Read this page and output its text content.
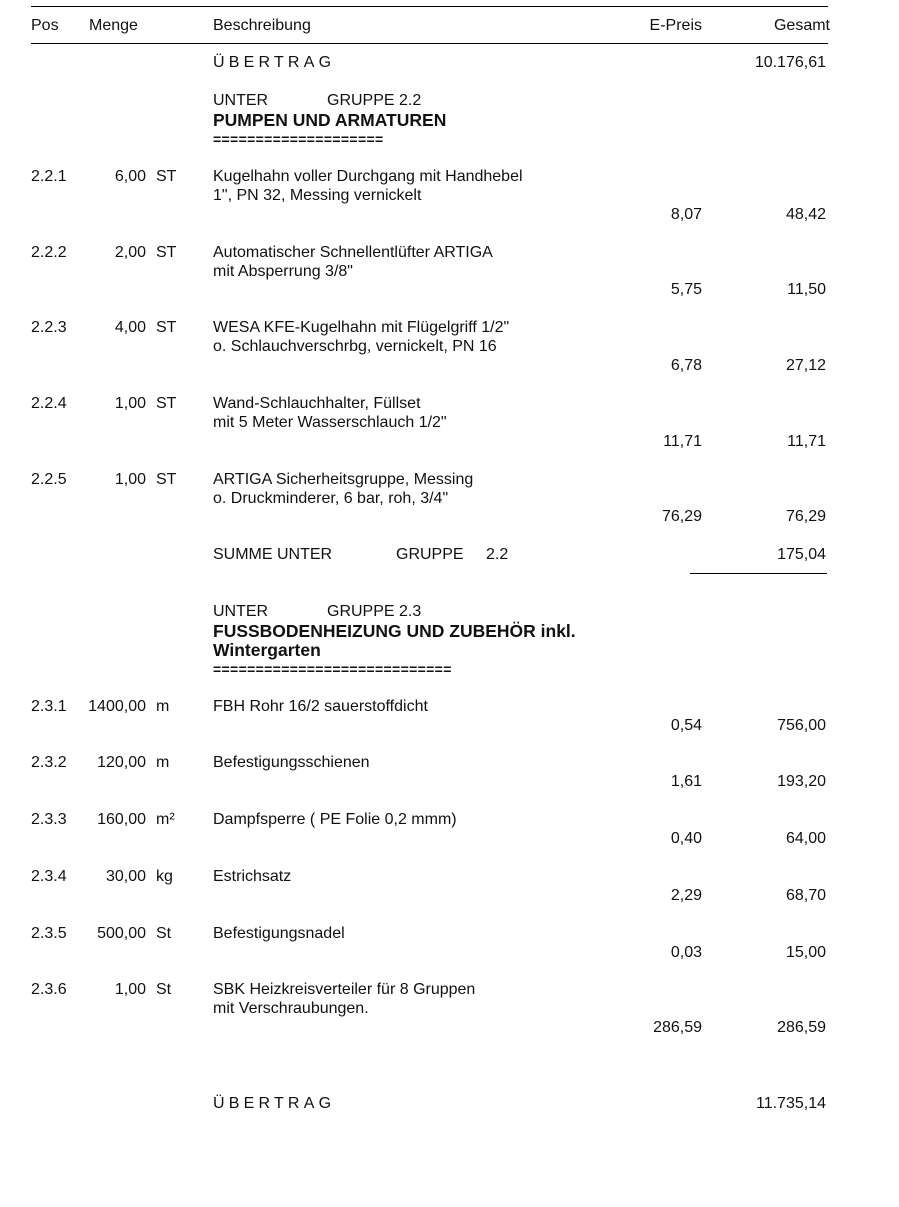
Pos Menge	Beschreibung	E-Preis	Gesamt
ÜBERTRAG	10.176,61
UNTER	GRUPPE 2.2
PUMPEN UND ARMATUREN
====================
2.2.1	6,00 ST Kugelhahn voller Durchgang mit Handhebel
1", PN 32, Messing vernickelt
8,07	48,42
2.2.2	2,00 ST Automatischer Schnellentlüfter ARTIGA
mit Absperrung 3/8"
5,75	11,50
2.2.3	4,00 ST WESA KFE-Kugelhahn mit Flügelgriff 1/2"
o. Schlauchverschrbg, vernickelt, PN 16
6,78	27,12
2.2.4	1,00 ST Wand-Schlauchhalter, Füllset
mit 5 Meter Wasserschlauch 1/2"
11,71	11,71
2.2.5	1,00 ST ARTIGA Sicherheitsgruppe, Messing
o. Druckminderer, 6 bar, roh, 3/4"
76,29	76,29
SUMME UNTER	GRUPPE 2.2	175,04
UNTER	GRUPPE 2.3
FUSSBODENHEIZUNG UND ZUBEHÖR inkl.
Wintergarten
============================
2.3.1	1400,00 m	FBH Rohr 16/2 sauerstoffdicht
0,54	756,00
2.3.2	120,00 m	Befestigungsschienen
1,61	193,20
2.3.3	160,00 m² Dampfsperre ( PE Folie 0,2 mmm)
0,40	64,00
2.3.4	30,00 kg	Estrichsatz
2,29	68,70
2.3.5	500,00 St	Befestigungsnadel
0,03	15,00
2.3.6	1,00 St	SBK Heizkreisverteiler für 8 Gruppen
mit Verschraubungen.
286,59	286,59
ÜBERTRAG	11.735,14
